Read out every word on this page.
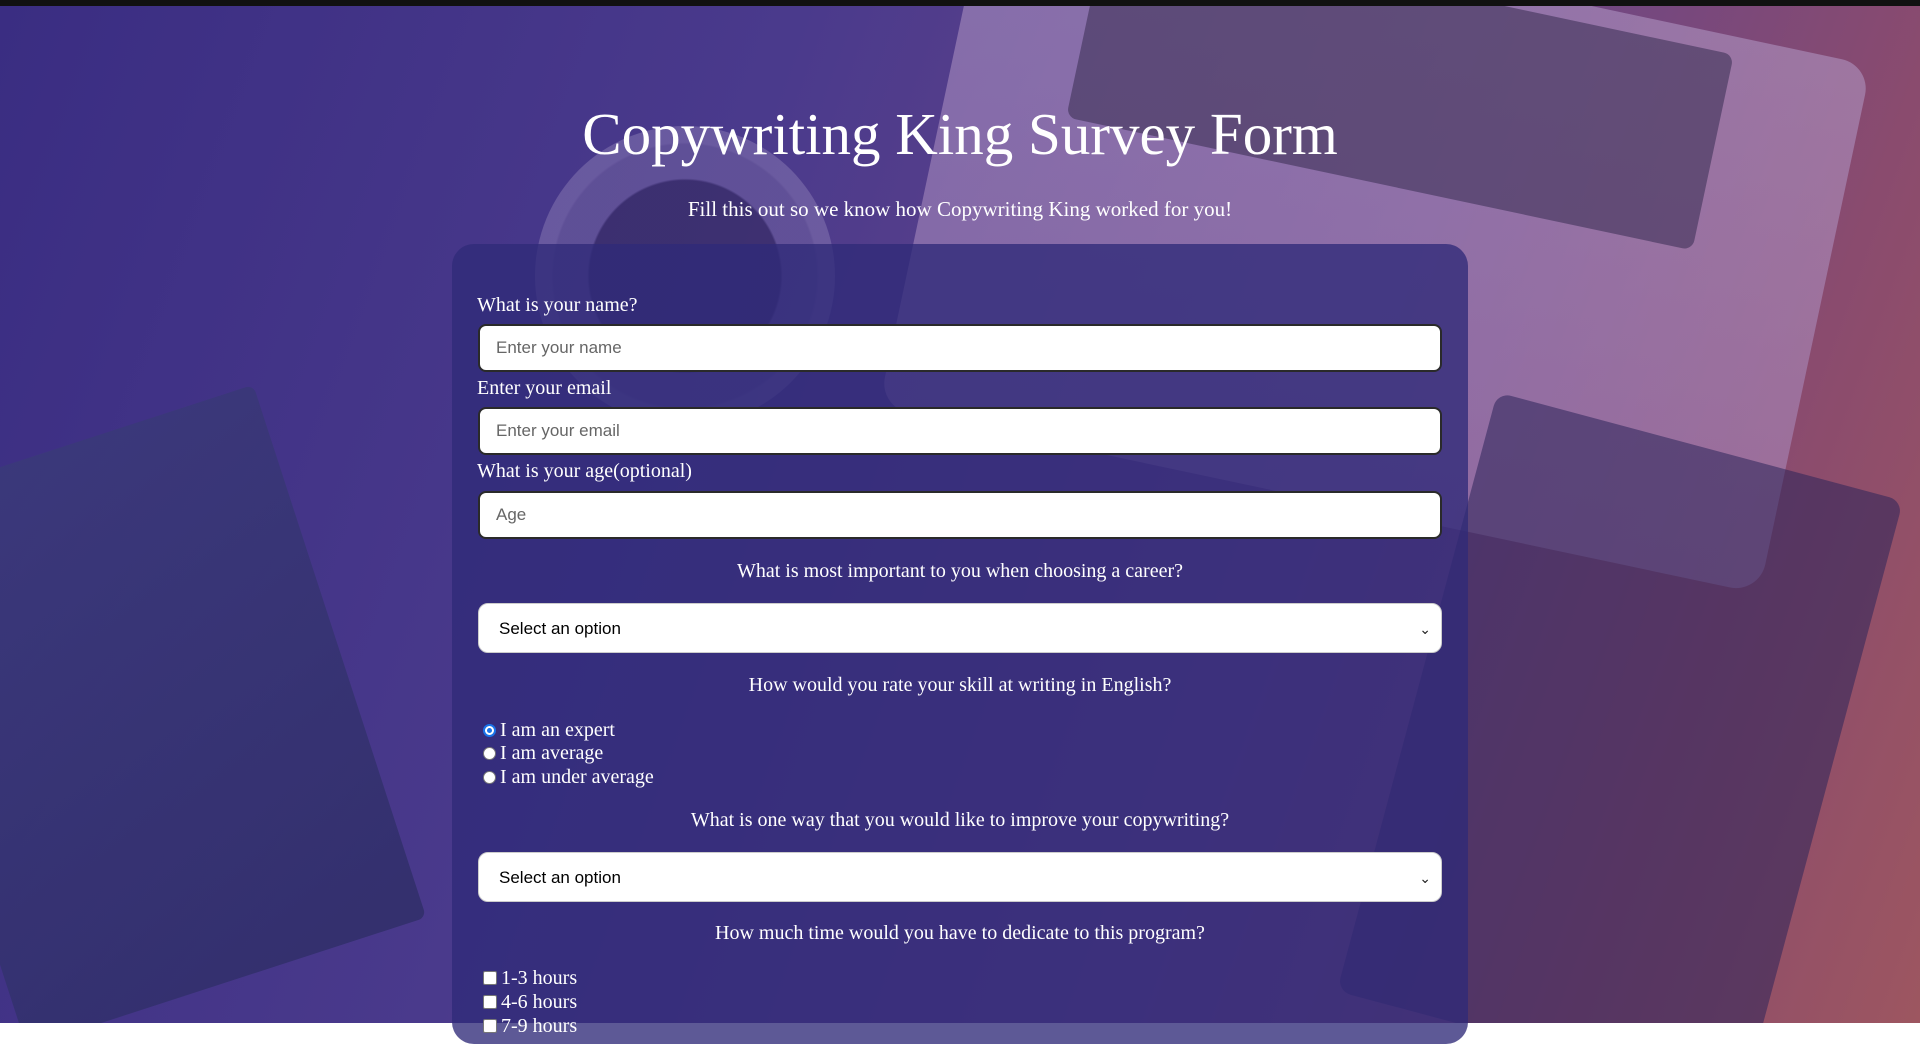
Copywriting King Survey Form

Fill this out so we know how Copywriting King worked for you!

What is your name?
Enter your name
Enter your email
Enter your email
What is your age(optional)
Age
What is most important to you when choosing a career?
Select an option	⌄
How would you rate your skill at writing in English?
I am an expert
I am average
I am under average
What is one way that you would like to improve your copywriting?
Select an option	⌄
How much time would you have to dedicate to this program?
1-3 hours
4-6 hours
7-9 hours
